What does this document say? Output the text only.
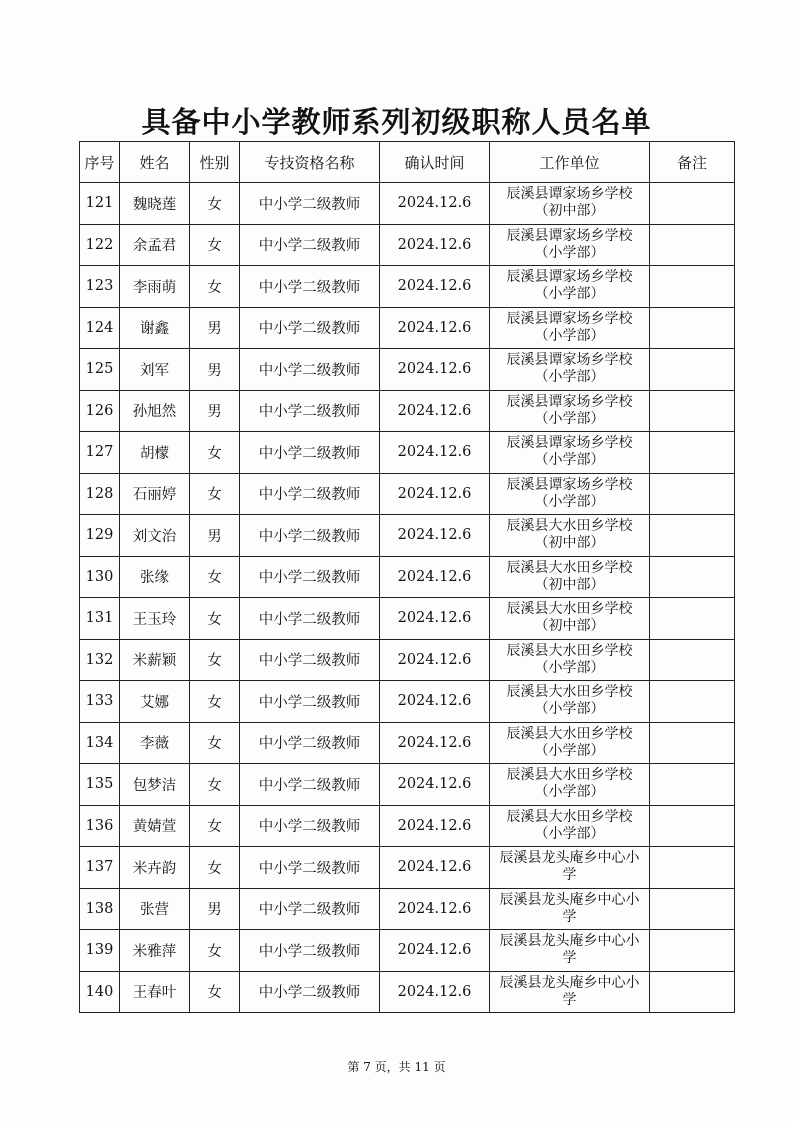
具备中小学教师系列初级职称人员名单
序号	姓名	性别	专技资格名称	确认时间	工作单位	备注
121	魏晓莲	女	中小学二级教师	2024.12.6	辰溪县谭家场乡学校
（初中部）	

122	余孟君	女	中小学二级教师	2024.12.6	辰溪县谭家场乡学校
（小学部）	

123	李雨萌	女	中小学二级教师	2024.12.6	辰溪县谭家场乡学校
（小学部）	

124	谢鑫	男	中小学二级教师	2024.12.6	辰溪县谭家场乡学校
（小学部）	

125	刘军	男	中小学二级教师	2024.12.6	辰溪县谭家场乡学校
（小学部）	

126	孙旭然	男	中小学二级教师	2024.12.6	辰溪县谭家场乡学校
（小学部）	

127	胡檬	女	中小学二级教师	2024.12.6	辰溪县谭家场乡学校
（小学部）	

128	石丽婷	女	中小学二级教师	2024.12.6	辰溪县谭家场乡学校
（小学部）	

129	刘文治	男	中小学二级教师	2024.12.6	辰溪县大水田乡学校
（初中部）	

130	张缘	女	中小学二级教师	2024.12.6	辰溪县大水田乡学校
（初中部）	

131	王玉玲	女	中小学二级教师	2024.12.6	辰溪县大水田乡学校
（初中部）	

132	米薪颖	女	中小学二级教师	2024.12.6	辰溪县大水田乡学校
（小学部）	

133	艾娜	女	中小学二级教师	2024.12.6	辰溪县大水田乡学校
（小学部）	

134	李薇	女	中小学二级教师	2024.12.6	辰溪县大水田乡学校
（小学部）	

135	包梦洁	女	中小学二级教师	2024.12.6	辰溪县大水田乡学校
（小学部）	

136	黄婧萱	女	中小学二级教师	2024.12.6	辰溪县大水田乡学校
（小学部）	

137	米卉韵	女	中小学二级教师	2024.12.6	辰溪县龙头庵乡中心小
学	

138	张营	男	中小学二级教师	2024.12.6	辰溪县龙头庵乡中心小
学	

139	米雅萍	女	中小学二级教师	2024.12.6	辰溪县龙头庵乡中心小
学	

140	王春叶	女	中小学二级教师	2024.12.6	辰溪县龙头庵乡中心小
学	

第 7 页，共 11 页
